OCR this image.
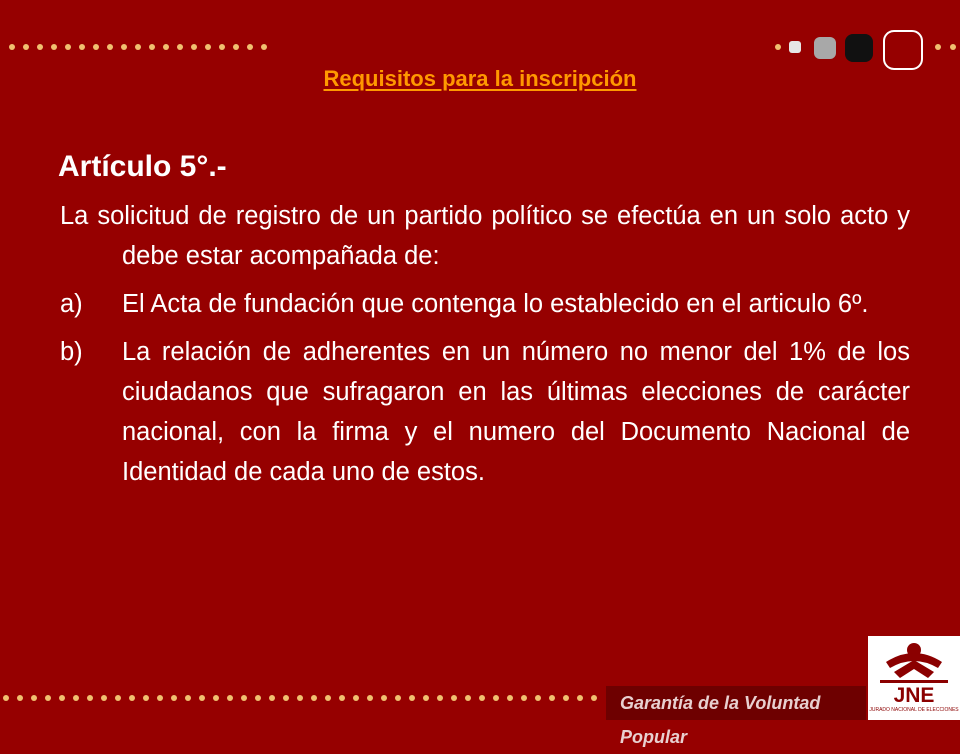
Requisitos para la inscripción
Artículo 5°.-

La solicitud de registro de un partido político se efectúa en un solo acto y debe estar acompañada de:

a)	El Acta de fundación que contenga lo establecido en el articulo 6º.
b)	La relación de adherentes en un número no menor del 1% de los ciudadanos que sufragaron en las últimas elecciones de carácter nacional, con la firma y el numero del Documento Nacional de Identidad de cada uno de estos.
Garantía de la Voluntad Popular

JNE

JURADO NACIONAL DE ELECCIONES
